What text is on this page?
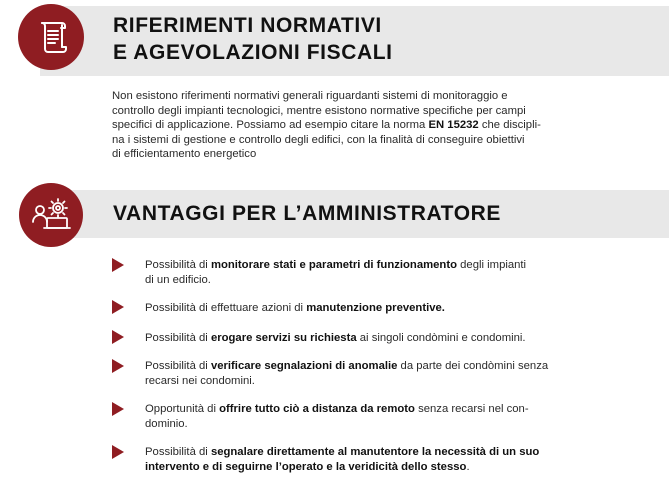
RIFERIMENTI NORMATIVI
E AGEVOLAZIONI FISCALI

Non esistono riferimenti normativi generali riguardanti sistemi di monitoraggio e
controllo degli impianti tecnologici, mentre esistono normative specifiche per campi
specifici di applicazione. Possiamo ad esempio citare la norma EN 15232 che discipli-
na i sistemi di gestione e controllo degli edifici, con la finalità di conseguire obiettivi
di efficientamento energetico

VANTAGGI PER L’AMMINISTRATORE
Possibilità di monitorare stati e parametri di funzionamento degli impianti
di un edificio.
Possibilità di effettuare azioni di manutenzione preventive.
Possibilità di erogare servizi su richiesta ai singoli condòmini e condomini.
Possibilità di verificare segnalazioni di anomalie da parte dei condòmini senza
recarsi nei condomini.
Opportunità di offrire tutto ciò a distanza da remoto senza recarsi nel con-
dominio.
Possibilità di segnalare direttamente al manutentore la necessità di un suo
intervento e di seguirne l’operato e la veridicità dello stesso.
